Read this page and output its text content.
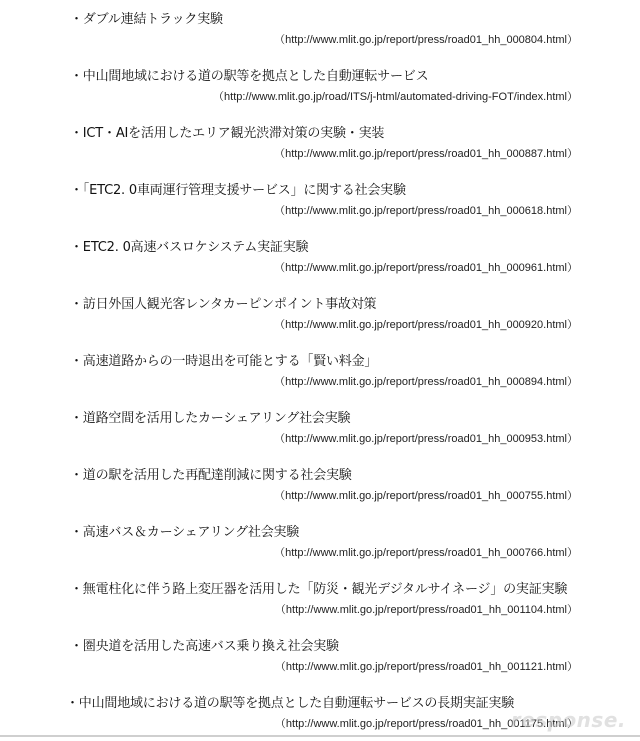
・ダブル連結トラック実験
（http://www.mlit.go.jp/report/press/road01_hh_000804.html）
・中山間地域における道の駅等を拠点とした自動運転サービス
（http://www.mlit.go.jp/road/ITS/j-html/automated-driving-FOT/index.html）
・ICT・AIを活用したエリア観光渋滞対策の実験・実装
（http://www.mlit.go.jp/report/press/road01_hh_000887.html）
・「ETC2. 0車両運行管理支援サービス」に関する社会実験
（http://www.mlit.go.jp/report/press/road01_hh_000618.html）
・ETC2. 0高速バスロケシステム実証実験
（http://www.mlit.go.jp/report/press/road01_hh_000961.html）
・訪日外国人観光客レンタカーピンポイント事故対策
（http://www.mlit.go.jp/report/press/road01_hh_000920.html）
・高速道路からの一時退出を可能とする「賢い料金」
（http://www.mlit.go.jp/report/press/road01_hh_000894.html）
・道路空間を活用したカーシェアリング社会実験
（http://www.mlit.go.jp/report/press/road01_hh_000953.html）
・道の駅を活用した再配達削減に関する社会実験
（http://www.mlit.go.jp/report/press/road01_hh_000755.html）
・高速バス＆カーシェアリング社会実験
（http://www.mlit.go.jp/report/press/road01_hh_000766.html）
・無電柱化に伴う路上変圧器を活用した「防災・観光デジタルサイネージ」の実証実験
（http://www.mlit.go.jp/report/press/road01_hh_001104.html）
・圏央道を活用した高速バス乗り換え社会実験
（http://www.mlit.go.jp/report/press/road01_hh_001121.html）
・中山間地域における道の駅等を拠点とした自動運転サービスの長期実証実験
（http://www.mlit.go.jp/report/press/road01_hh_001175.html）
response.
